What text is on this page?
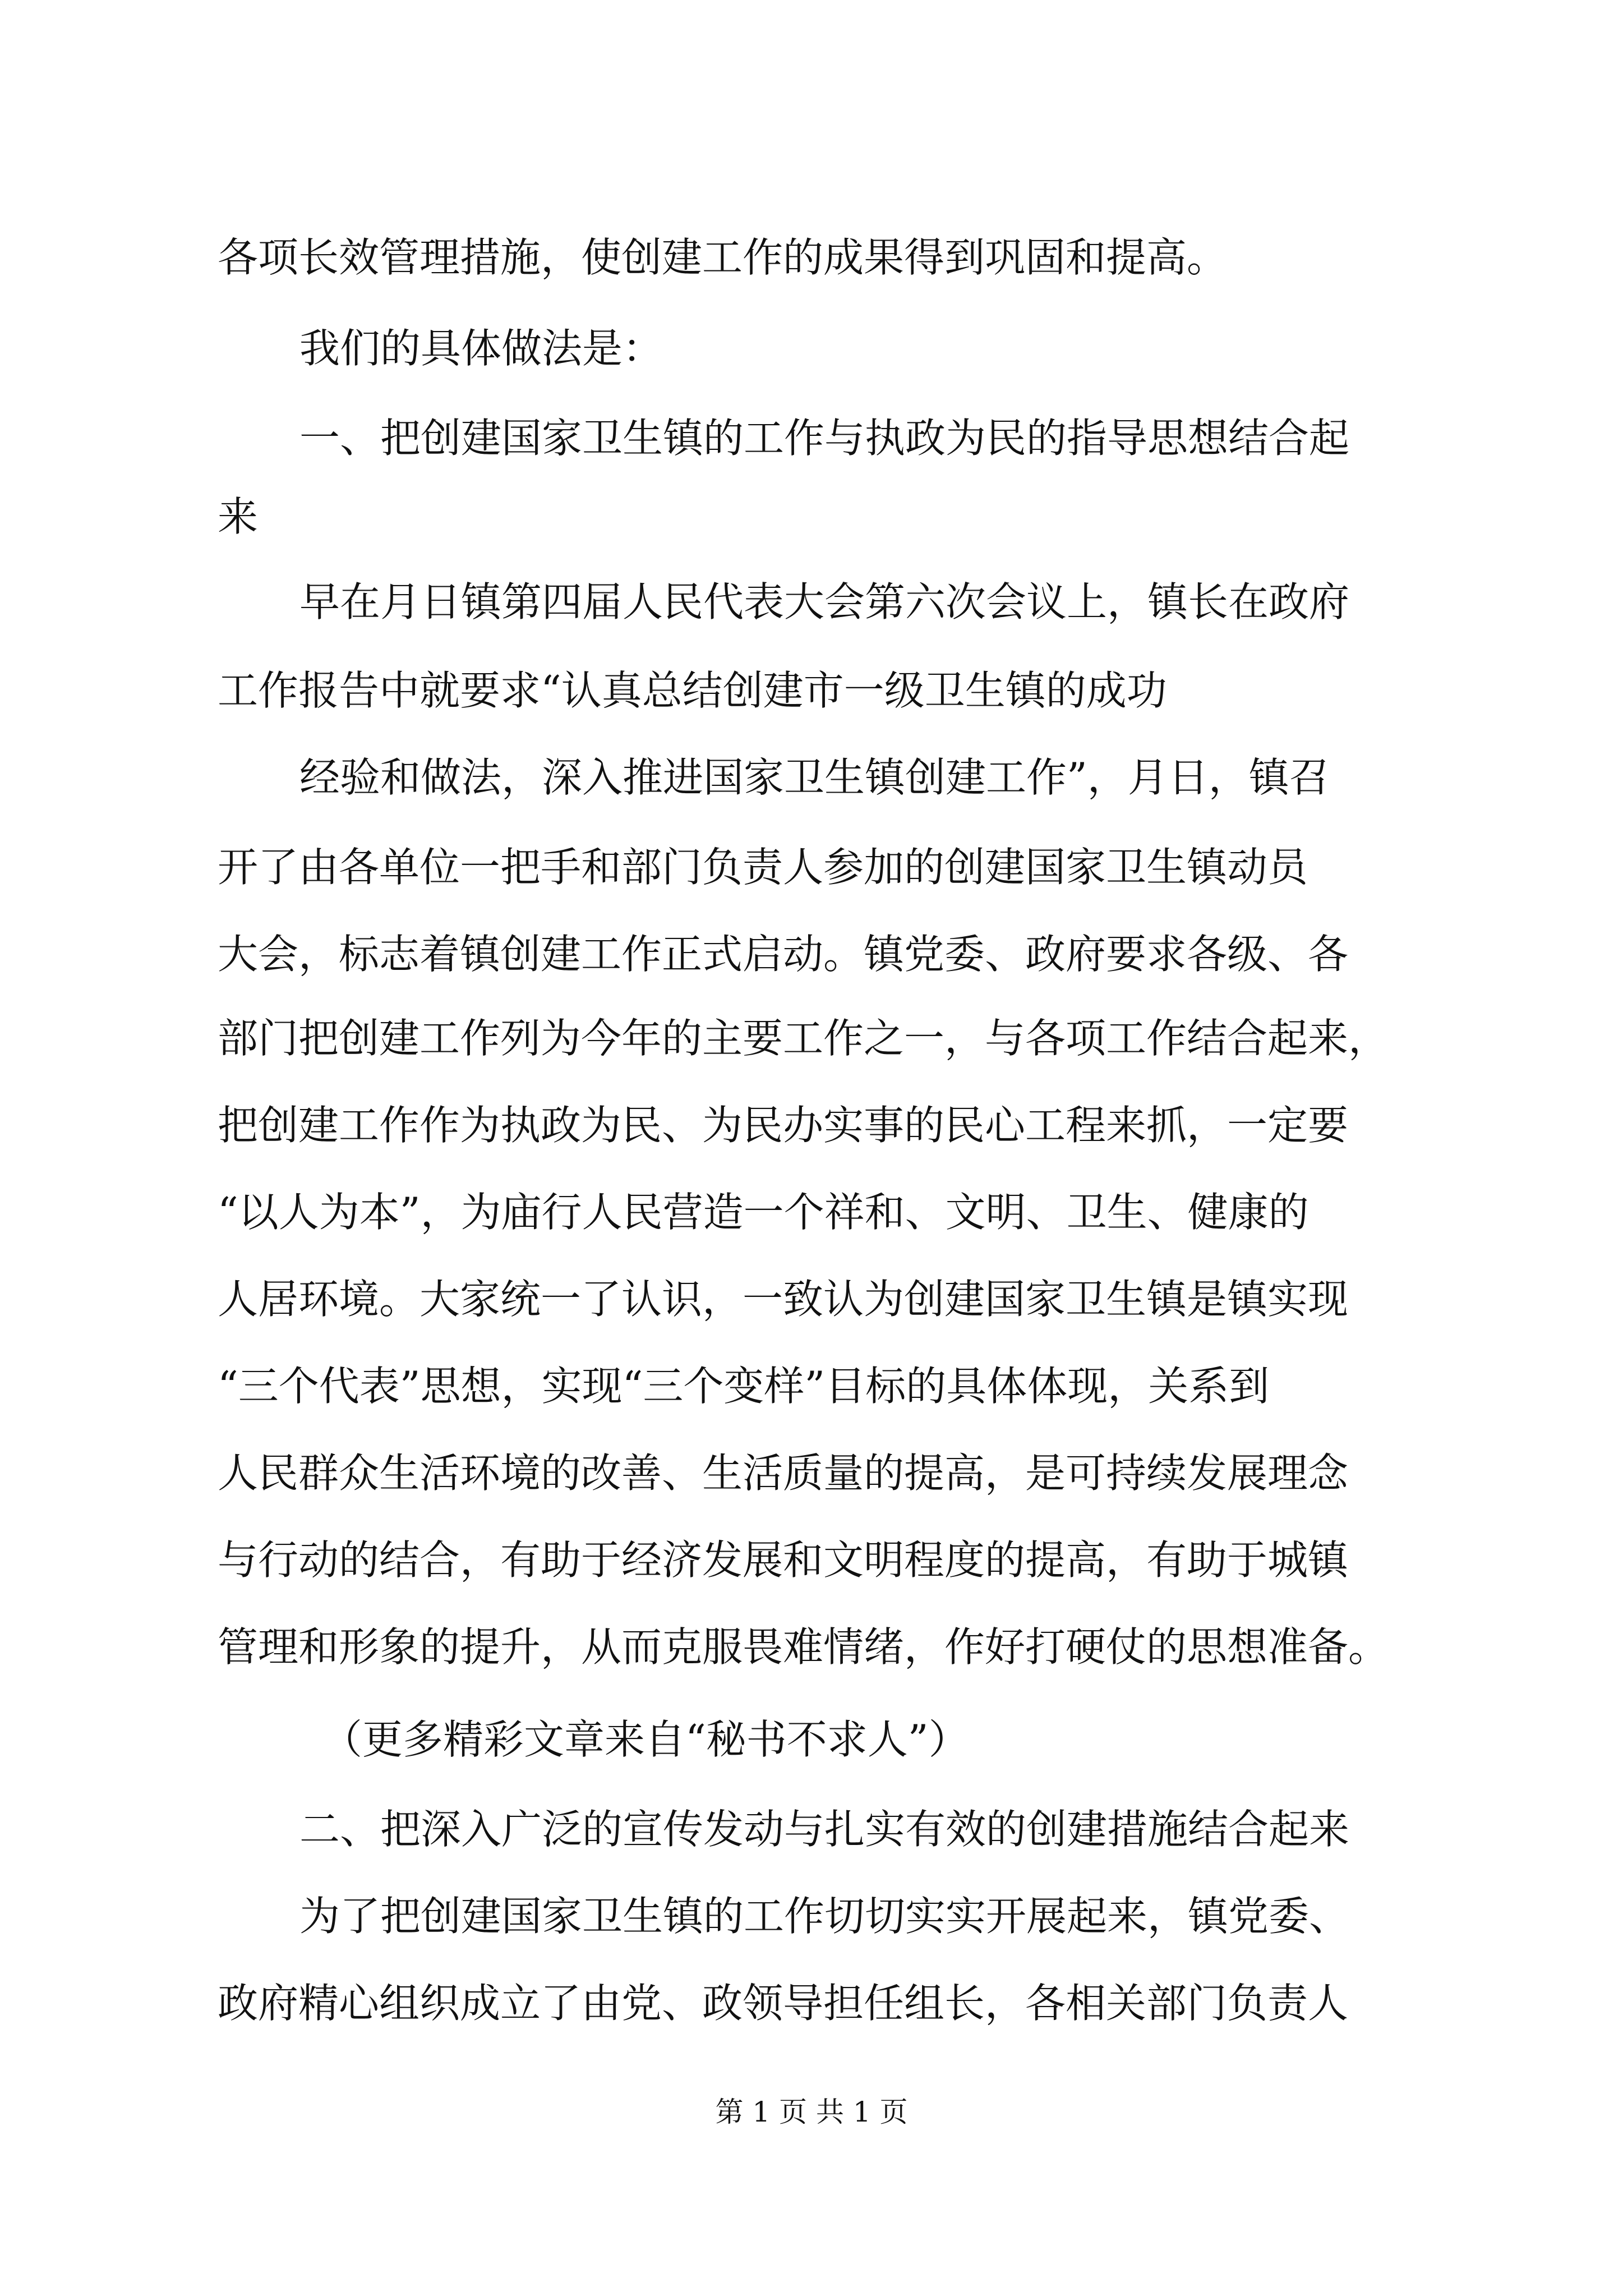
各项长效管理措施，使创建工作的成果得到巩固和提高。
我们的具体做法是：
一、把创建国家卫生镇的工作与执政为民的指导思想结合起
来
早在月日镇第四届人民代表大会第六次会议上，镇长在政府
工作报告中就要求“认真总结创建市一级卫生镇的成功
经验和做法，深入推进国家卫生镇创建工作”，月日，镇召
开了由各单位一把手和部门负责人参加的创建国家卫生镇动员
大会，标志着镇创建工作正式启动。镇党委、政府要求各级、各
部门把创建工作列为今年的主要工作之一，与各项工作结合起来，
把创建工作作为执政为民、为民办实事的民心工程来抓，一定要
“以人为本”，为庙行人民营造一个祥和、文明、卫生、健康的
人居环境。大家统一了认识，一致认为创建国家卫生镇是镇实现
“三个代表”思想，实现“三个变样”目标的具体体现，关系到
人民群众生活环境的改善、生活质量的提高，是可持续发展理念
与行动的结合，有助于经济发展和文明程度的提高，有助于城镇
管理和形象的提升，从而克服畏难情绪，作好打硬仗的思想准备。
（更多精彩文章来自“秘书不求人”）
二、把深入广泛的宣传发动与扎实有效的创建措施结合起来
为了把创建国家卫生镇的工作切切实实开展起来，镇党委、
政府精心组织成立了由党、政领导担任组长，各相关部门负责人
第 1 页 共 1 页
